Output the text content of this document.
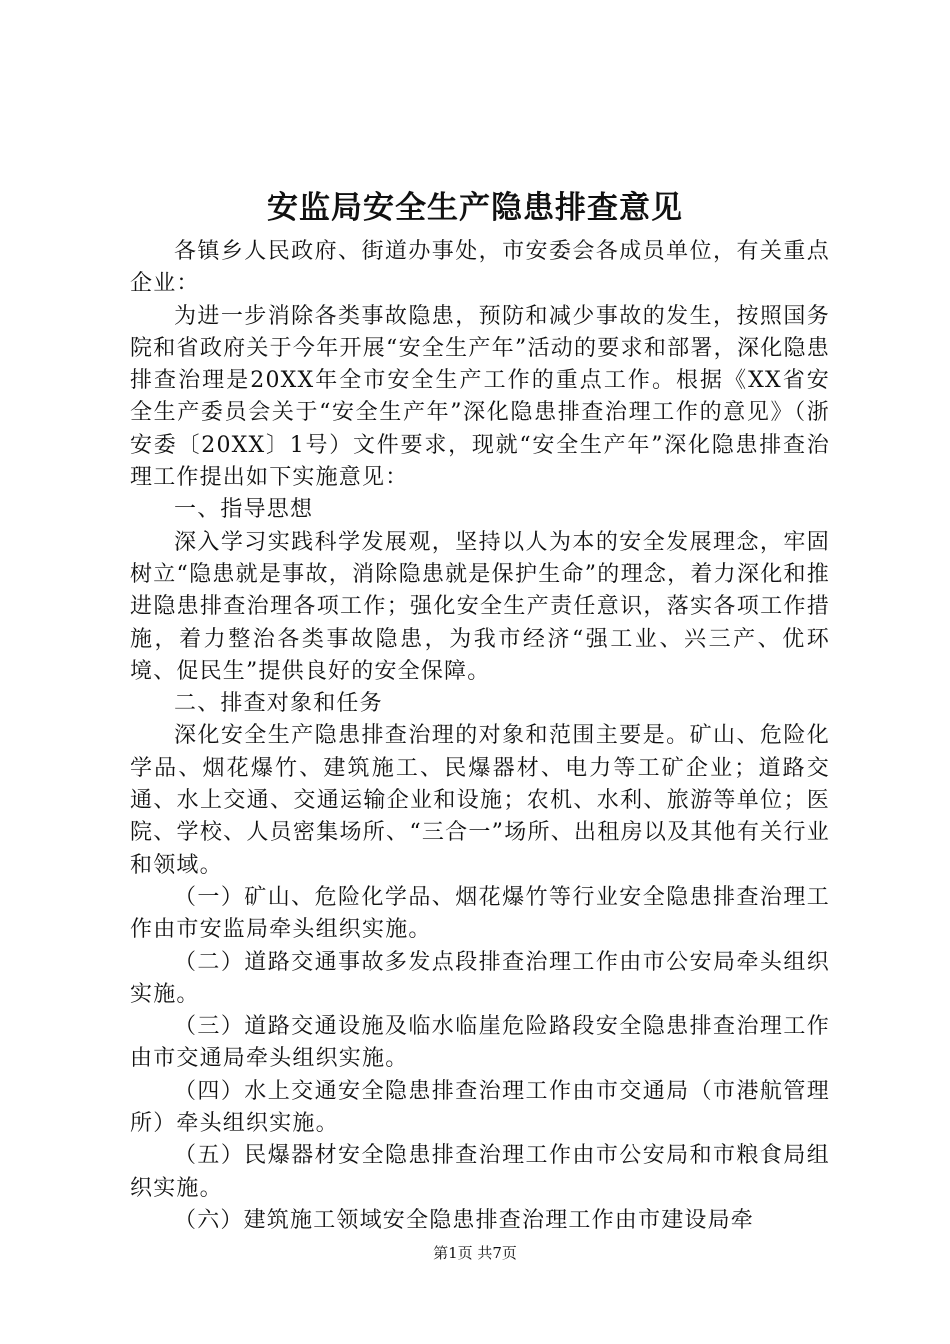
安监局安全生产隐患排查意见

各镇乡人民政府、街道办事处，市安委会各成员单位，有关重点企业：

为进一步消除各类事故隐患，预防和减少事故的发生，按照国务院和省政府关于今年开展“安全生产年”活动的要求和部署，深化隐患排查治理是20XX年全市安全生产工作的重点工作。根据《XX省安全生产委员会关于“安全生产年”深化隐患排查治理工作的意见》（浙安委〔20XX〕1号）文件要求，现就“安全生产年”深化隐患排查治理工作提出如下实施意见：

一、指导思想

深入学习实践科学发展观，坚持以人为本的安全发展理念，牢固树立“隐患就是事故，消除隐患就是保护生命”的理念，着力深化和推进隐患排查治理各项工作；强化安全生产责任意识，落实各项工作措施，着力整治各类事故隐患，为我市经济“强工业、兴三产、优环境、促民生”提供良好的安全保障。

二、排查对象和任务

深化安全生产隐患排查治理的对象和范围主要是。矿山、危险化学品、烟花爆竹、建筑施工、民爆器材、电力等工矿企业；道路交通、水上交通、交通运输企业和设施；农机、水利、旅游等单位；医院、学校、人员密集场所、“三合一”场所、出租房以及其他有关行业和领域。

（一）矿山、危险化学品、烟花爆竹等行业安全隐患排查治理工作由市安监局牵头组织实施。

（二）道路交通事故多发点段排查治理工作由市公安局牵头组织实施。

（三）道路交通设施及临水临崖危险路段安全隐患排查治理工作由市交通局牵头组织实施。

（四）水上交通安全隐患排查治理工作由市交通局（市港航管理所）牵头组织实施。

（五）民爆器材安全隐患排查治理工作由市公安局和市粮食局组织实施。

（六）建筑施工领域安全隐患排查治理工作由市建设局牵

第1页 共7页
